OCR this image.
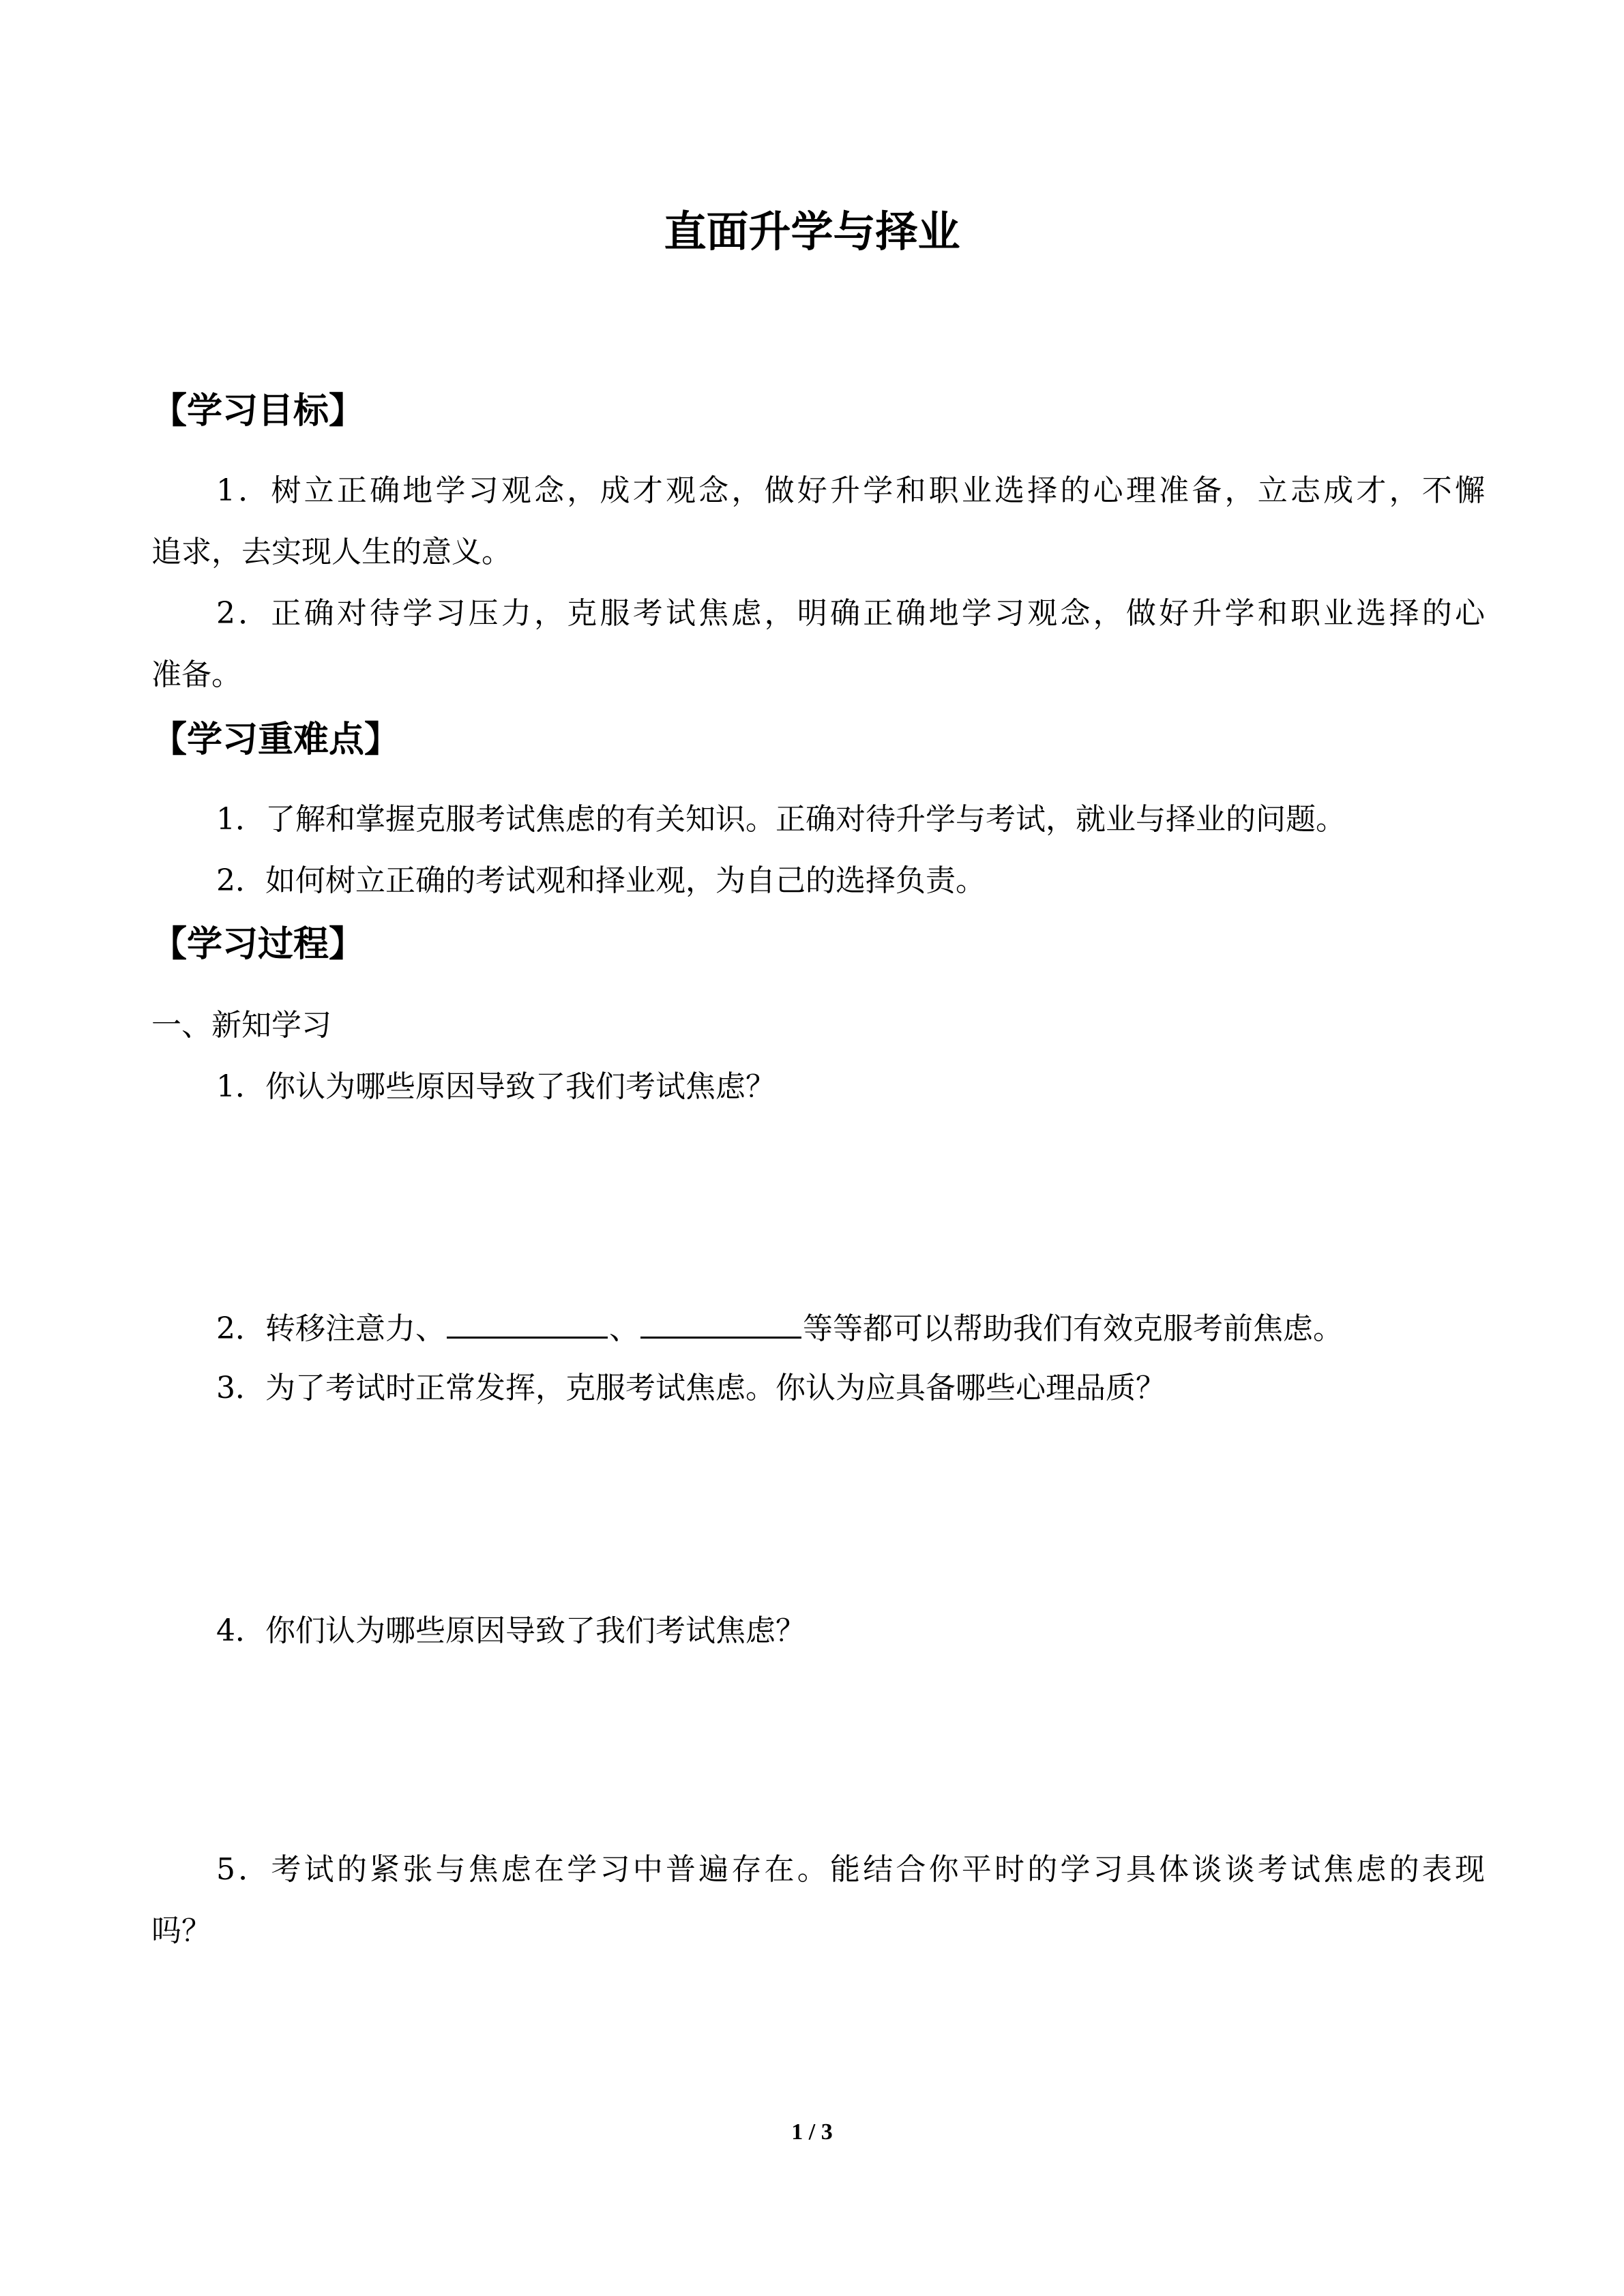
直面升学与择业
【学习目标】
1．树立正确地学习观念，成才观念，做好升学和职业选择的心理准备，立志成才，不懈
追求，去实现人生的意义。
2．正确对待学习压力，克服考试焦虑，明确正确地学习观念，做好升学和职业选择的心
准备。
【学习重难点】
1．了解和掌握克服考试焦虑的有关知识。正确对待升学与考试，就业与择业的问题。
2．如何树立正确的考试观和择业观，为自己的选择负责。
【学习过程】
一、新知学习
1．你认为哪些原因导致了我们考试焦虑？
2．转移注意力、	、	等等都可以帮助我们有效克服考前焦虑。
3．为了考试时正常发挥，克服考试焦虑。你认为应具备哪些心理品质？
4．你们认为哪些原因导致了我们考试焦虑？
5．考试的紧张与焦虑在学习中普遍存在。能结合你平时的学习具体谈谈考试焦虑的表现
吗？
1 / 3
